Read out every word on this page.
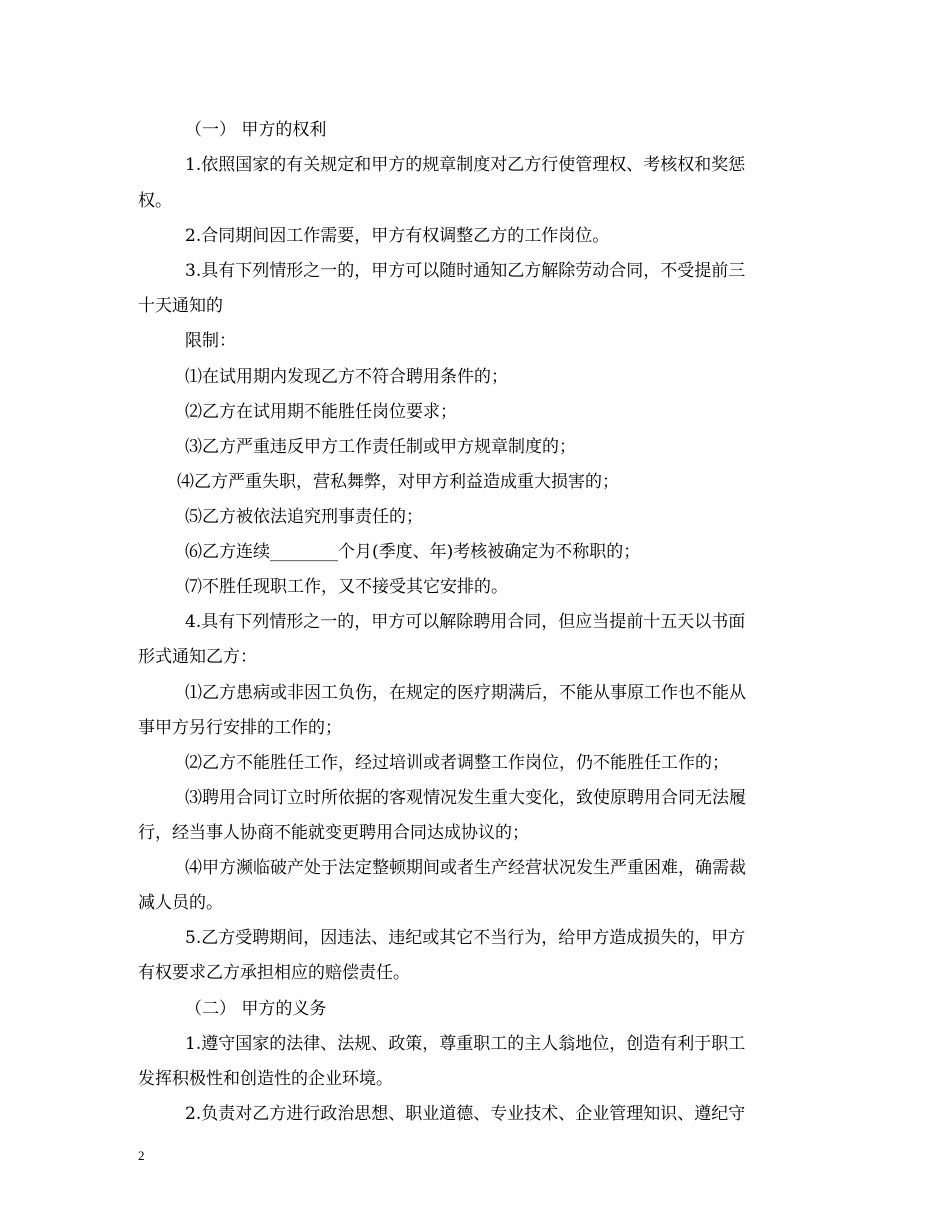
（一） 甲方的权利
1.依照国家的有关规定和甲方的规章制度对乙方行使管理权、考核权和奖惩
权。
2.合同期间因工作需要，甲方有权调整乙方的工作岗位。
3.具有下列情形之一的，甲方可以随时通知乙方解除劳动合同，不受提前三
十天通知的
限制：
⑴在试用期内发现乙方不符合聘用条件的；
⑵乙方在试用期不能胜任岗位要求；
⑶乙方严重违反甲方工作责任制或甲方规章制度的；
⑷乙方严重失职，营私舞弊，对甲方利益造成重大损害的；
⑸乙方被依法追究刑事责任的；
⑹乙方连续________个月(季度、年)考核被确定为不称职的；
⑺不胜任现职工作，又不接受其它安排的。
4.具有下列情形之一的，甲方可以解除聘用合同，但应当提前十五天以书面
形式通知乙方：
⑴乙方患病或非因工负伤，在规定的医疗期满后，不能从事原工作也不能从
事甲方另行安排的工作的；
⑵乙方不能胜任工作，经过培训或者调整工作岗位，仍不能胜任工作的；
⑶聘用合同订立时所依据的客观情况发生重大变化，致使原聘用合同无法履
行，经当事人协商不能就变更聘用合同达成协议的；
⑷甲方濒临破产处于法定整顿期间或者生产经营状况发生严重困难，确需裁
减人员的。
5.乙方受聘期间，因违法、违纪或其它不当行为，给甲方造成损失的，甲方
有权要求乙方承担相应的赔偿责任。
（二） 甲方的义务
1.遵守国家的法律、法规、政策，尊重职工的主人翁地位，创造有利于职工
发挥积极性和创造性的企业环境。
2.负责对乙方进行政治思想、职业道德、专业技术、企业管理知识、遵纪守
2
